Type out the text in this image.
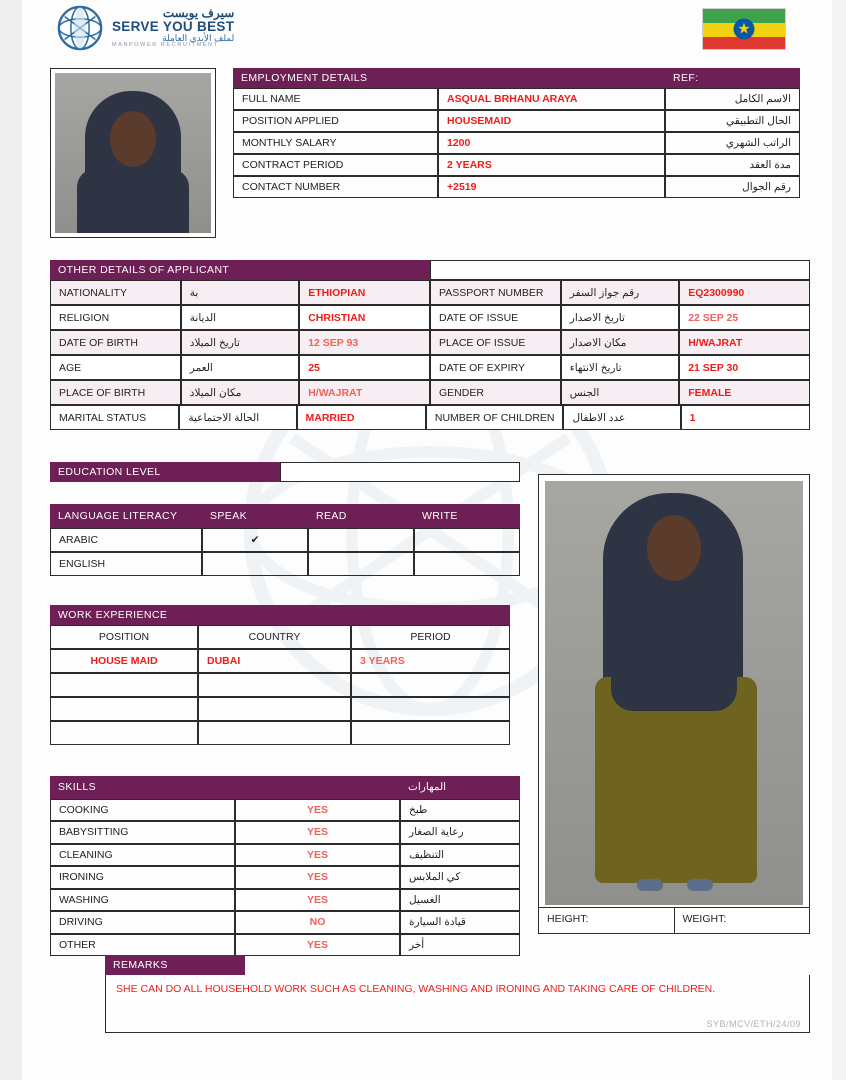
سيرف يوبست
SERVE YOU BEST
لملف الأيدي العاملة
MANPOWER RECRUITMENT
★
EMPLOYMENT DETAILS	REF:
FULL NAME	ASQUAL BRHANU ARAYA	الاسم الكامل
POSITION APPLIED	HOUSEMAID	الحال التطبيقي
MONTHLY SALARY	1200	الراتب الشهري
CONTRACT PERIOD	2 YEARS	مدة العقد
CONTACT NUMBER	+2519	رقم الجوال
OTHER DETAILS OF APPLICANT
NATIONALITY	بة	ETHIOPIAN	PASSPORT NUMBER	رقم جواز السفر	EQ2300990
RELIGION	الديانة	CHRISTIAN	DATE OF ISSUE	تاريخ الاصدار	22 SEP 25
DATE OF BIRTH	تاريخ الميلاد	12 SEP 93	PLACE OF ISSUE	مكان الاصدار	H/WAJRAT
AGE	العمر	25	DATE OF EXPIRY	تاريخ الانتهاء	21 SEP 30
PLACE OF BIRTH	مكان الميلاد	H/WAJRAT	GENDER	الجنس	FEMALE
MARITAL STATUS	الحالة الاجتماعية	MARRIED	NUMBER OF CHILDREN	عدد الاطفال	1
EDUCATION LEVEL
LANGUAGE LITERACY	SPEAK	READ	WRITE
ARABIC	✔
ENGLISH
WORK EXPERIENCE
POSITION	COUNTRY	PERIOD
HOUSE MAID	DUBAI	3 YEARS
SKILLS	المهارات
COOKING	YES	طبخ
BABYSITTING	YES	رعاية الصغار
CLEANING	YES	التنظيف
IRONING	YES	كي الملابس
WASHING	YES	الغسيل
DRIVING	NO	قيادة السيارة
OTHER	YES	أخر
HEIGHT:	WEIGHT:
REMARKS
SHE CAN DO ALL HOUSEHOLD WORK SUCH AS CLEANING, WASHING AND IRONING AND TAKING CARE OF CHILDREN.
SYB/MCV/ETH/24/09
